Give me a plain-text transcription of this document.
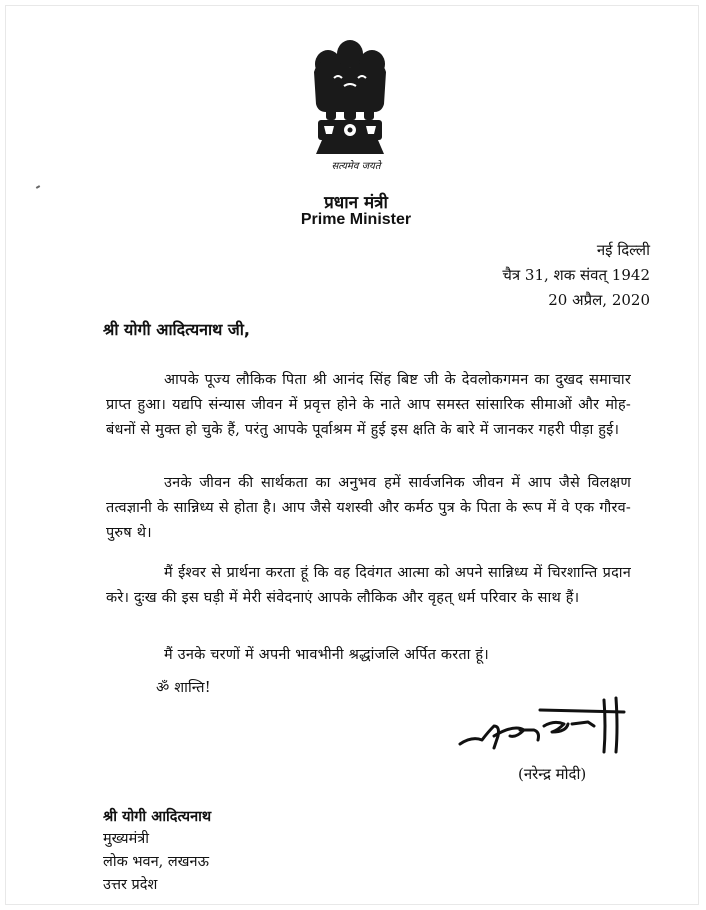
सत्यमेव जयते
प्रधान मंत्री
Prime Minister
नई दिल्ली
चैत्र 31, शक संवत् 1942
20 अप्रैल, 2020
श्री योगी आदित्यनाथ जी,

आपके पूज्य लौकिक पिता श्री आनंद सिंह बिष्ट जी के देवलोकगमन का दुखद समाचार प्राप्त हुआ। यद्यपि संन्यास जीवन में प्रवृत्त होने के नाते आप समस्त सांसारिक सीमाओं और मोह-बंधनों से मुक्त हो चुके हैं, परंतु आपके पूर्वाश्रम में हुई इस क्षति के बारे में जानकर गहरी पीड़ा हुई।

उनके जीवन की सार्थकता का अनुभव हमें सार्वजनिक जीवन में आप जैसे विलक्षण तत्वज्ञानी के सान्निध्य से होता है। आप जैसे यशस्वी और कर्मठ पुत्र के पिता के रूप में वे एक गौरव-पुरुष थे।

मैं ईश्वर से प्रार्थना करता हूं कि वह दिवंगत आत्मा को अपने सान्निध्य में चिरशान्ति प्रदान करे। दुःख की इस घड़ी में मेरी संवेदनाएं आपके लौकिक और वृहत् धर्म परिवार के साथ हैं।

मैं उनके चरणों में अपनी भावभीनी श्रद्धांजलि अर्पित करता हूं।

ॐ शान्ति!

(नरेन्द्र मोदी)
श्री योगी आदित्यनाथ
मुख्यमंत्री
लोक भवन, लखनऊ
उत्तर प्रदेश
